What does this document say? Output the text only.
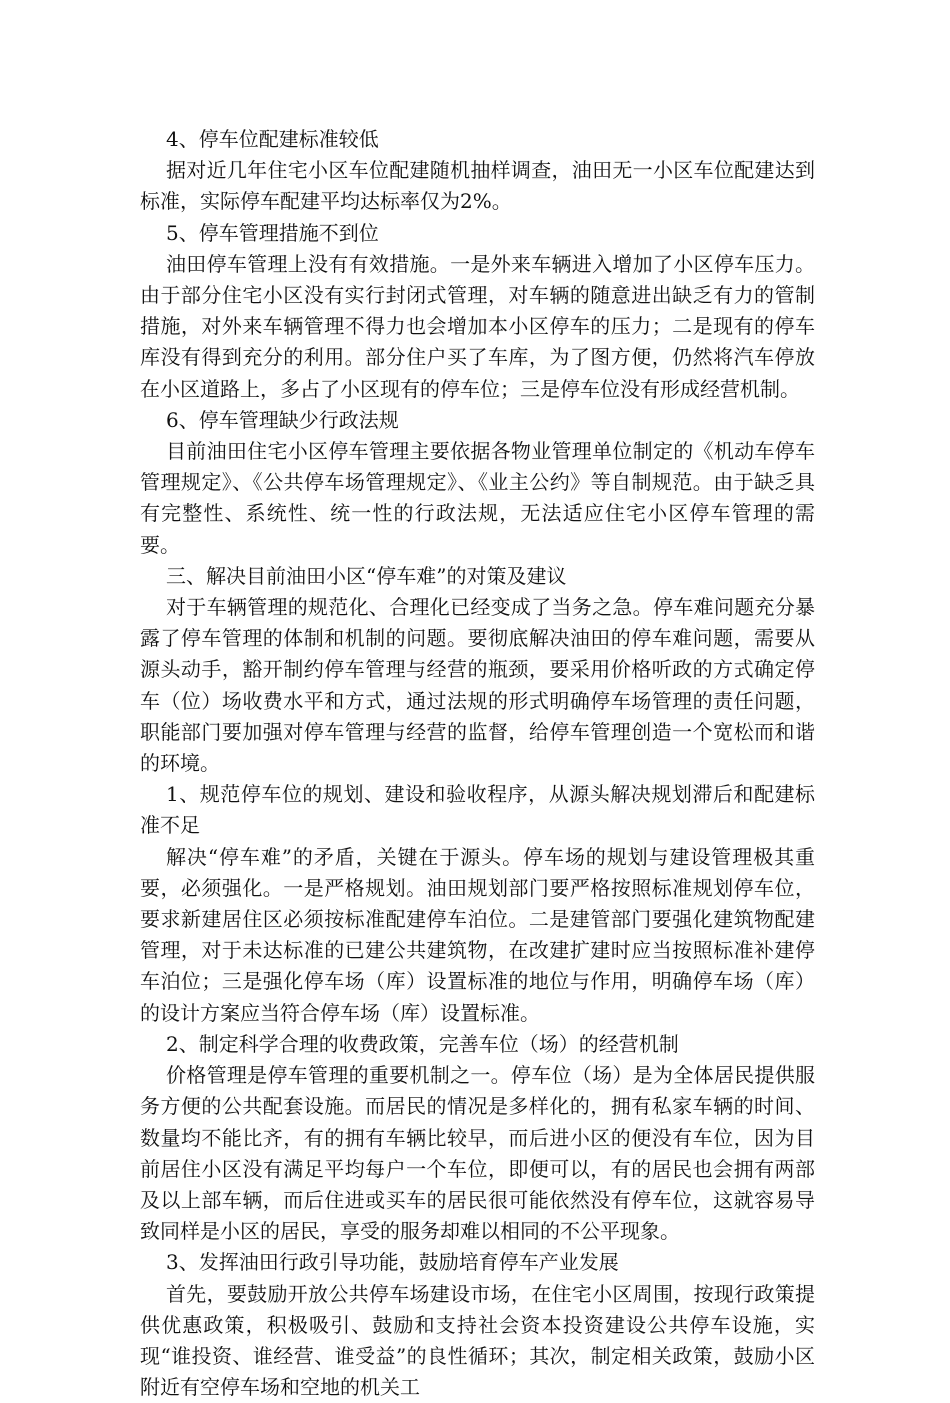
4、停车位配建标准较低

据对近几年住宅小区车位配建随机抽样调查，油田无一小区车位配建达到标准，实际停车配建平均达标率仅为2%。

5、停车管理措施不到位

油田停车管理上没有有效措施。一是外来车辆进入增加了小区停车压力。由于部分住宅小区没有实行封闭式管理，对车辆的随意进出缺乏有力的管制措施，对外来车辆管理不得力也会增加本小区停车的压力；二是现有的停车库没有得到充分的利用。部分住户买了车库，为了图方便，仍然将汽车停放在小区道路上，多占了小区现有的停车位；三是停车位没有形成经营机制。

6、停车管理缺少行政法规

目前油田住宅小区停车管理主要依据各物业管理单位制定的《机动车停车管理规定》、《公共停车场管理规定》、《业主公约》等自制规范。由于缺乏具有完整性、系统性、统一性的行政法规，无法适应住宅小区停车管理的需要。

三、解决目前油田小区“停车难”的对策及建议

对于车辆管理的规范化、合理化已经变成了当务之急。停车难问题充分暴露了停车管理的体制和机制的问题。要彻底解决油田的停车难问题，需要从源头动手，豁开制约停车管理与经营的瓶颈，要采用价格听政的方式确定停车（位）场收费水平和方式，通过法规的形式明确停车场管理的责任问题，职能部门要加强对停车管理与经营的监督，给停车管理创造一个宽松而和谐的环境。

1、规范停车位的规划、建设和验收程序，从源头解决规划滞后和配建标准不足

解决“停车难”的矛盾，关键在于源头。停车场的规划与建设管理极其重要，必须强化。一是严格规划。油田规划部门要严格按照标准规划停车位，要求新建居住区必须按标准配建停车泊位。二是建管部门要强化建筑物配建管理，对于未达标准的已建公共建筑物，在改建扩建时应当按照标准补建停车泊位；三是强化停车场（库）设置标准的地位与作用，明确停车场（库）的设计方案应当符合停车场（库）设置标准。

2、制定科学合理的收费政策，完善车位（场）的经营机制

价格管理是停车管理的重要机制之一。停车位（场）是为全体居民提供服务方便的公共配套设施。而居民的情况是多样化的，拥有私家车辆的时间、数量均不能比齐，有的拥有车辆比较早，而后进小区的便没有车位，因为目前居住小区没有满足平均每户一个车位，即便可以，有的居民也会拥有两部及以上部车辆，而后住进或买车的居民很可能依然没有停车位，这就容易导致同样是小区的居民，享受的服务却难以相同的不公平现象。

3、发挥油田行政引导功能，鼓励培育停车产业发展

首先，要鼓励开放公共停车场建设市场，在住宅小区周围，按现行政策提供优惠政策，积极吸引、鼓励和支持社会资本投资建设公共停车设施，实现“谁投资、谁经营、谁受益”的良性循环；其次，制定相关政策，鼓励小区附近有空停车场和空地的机关工
